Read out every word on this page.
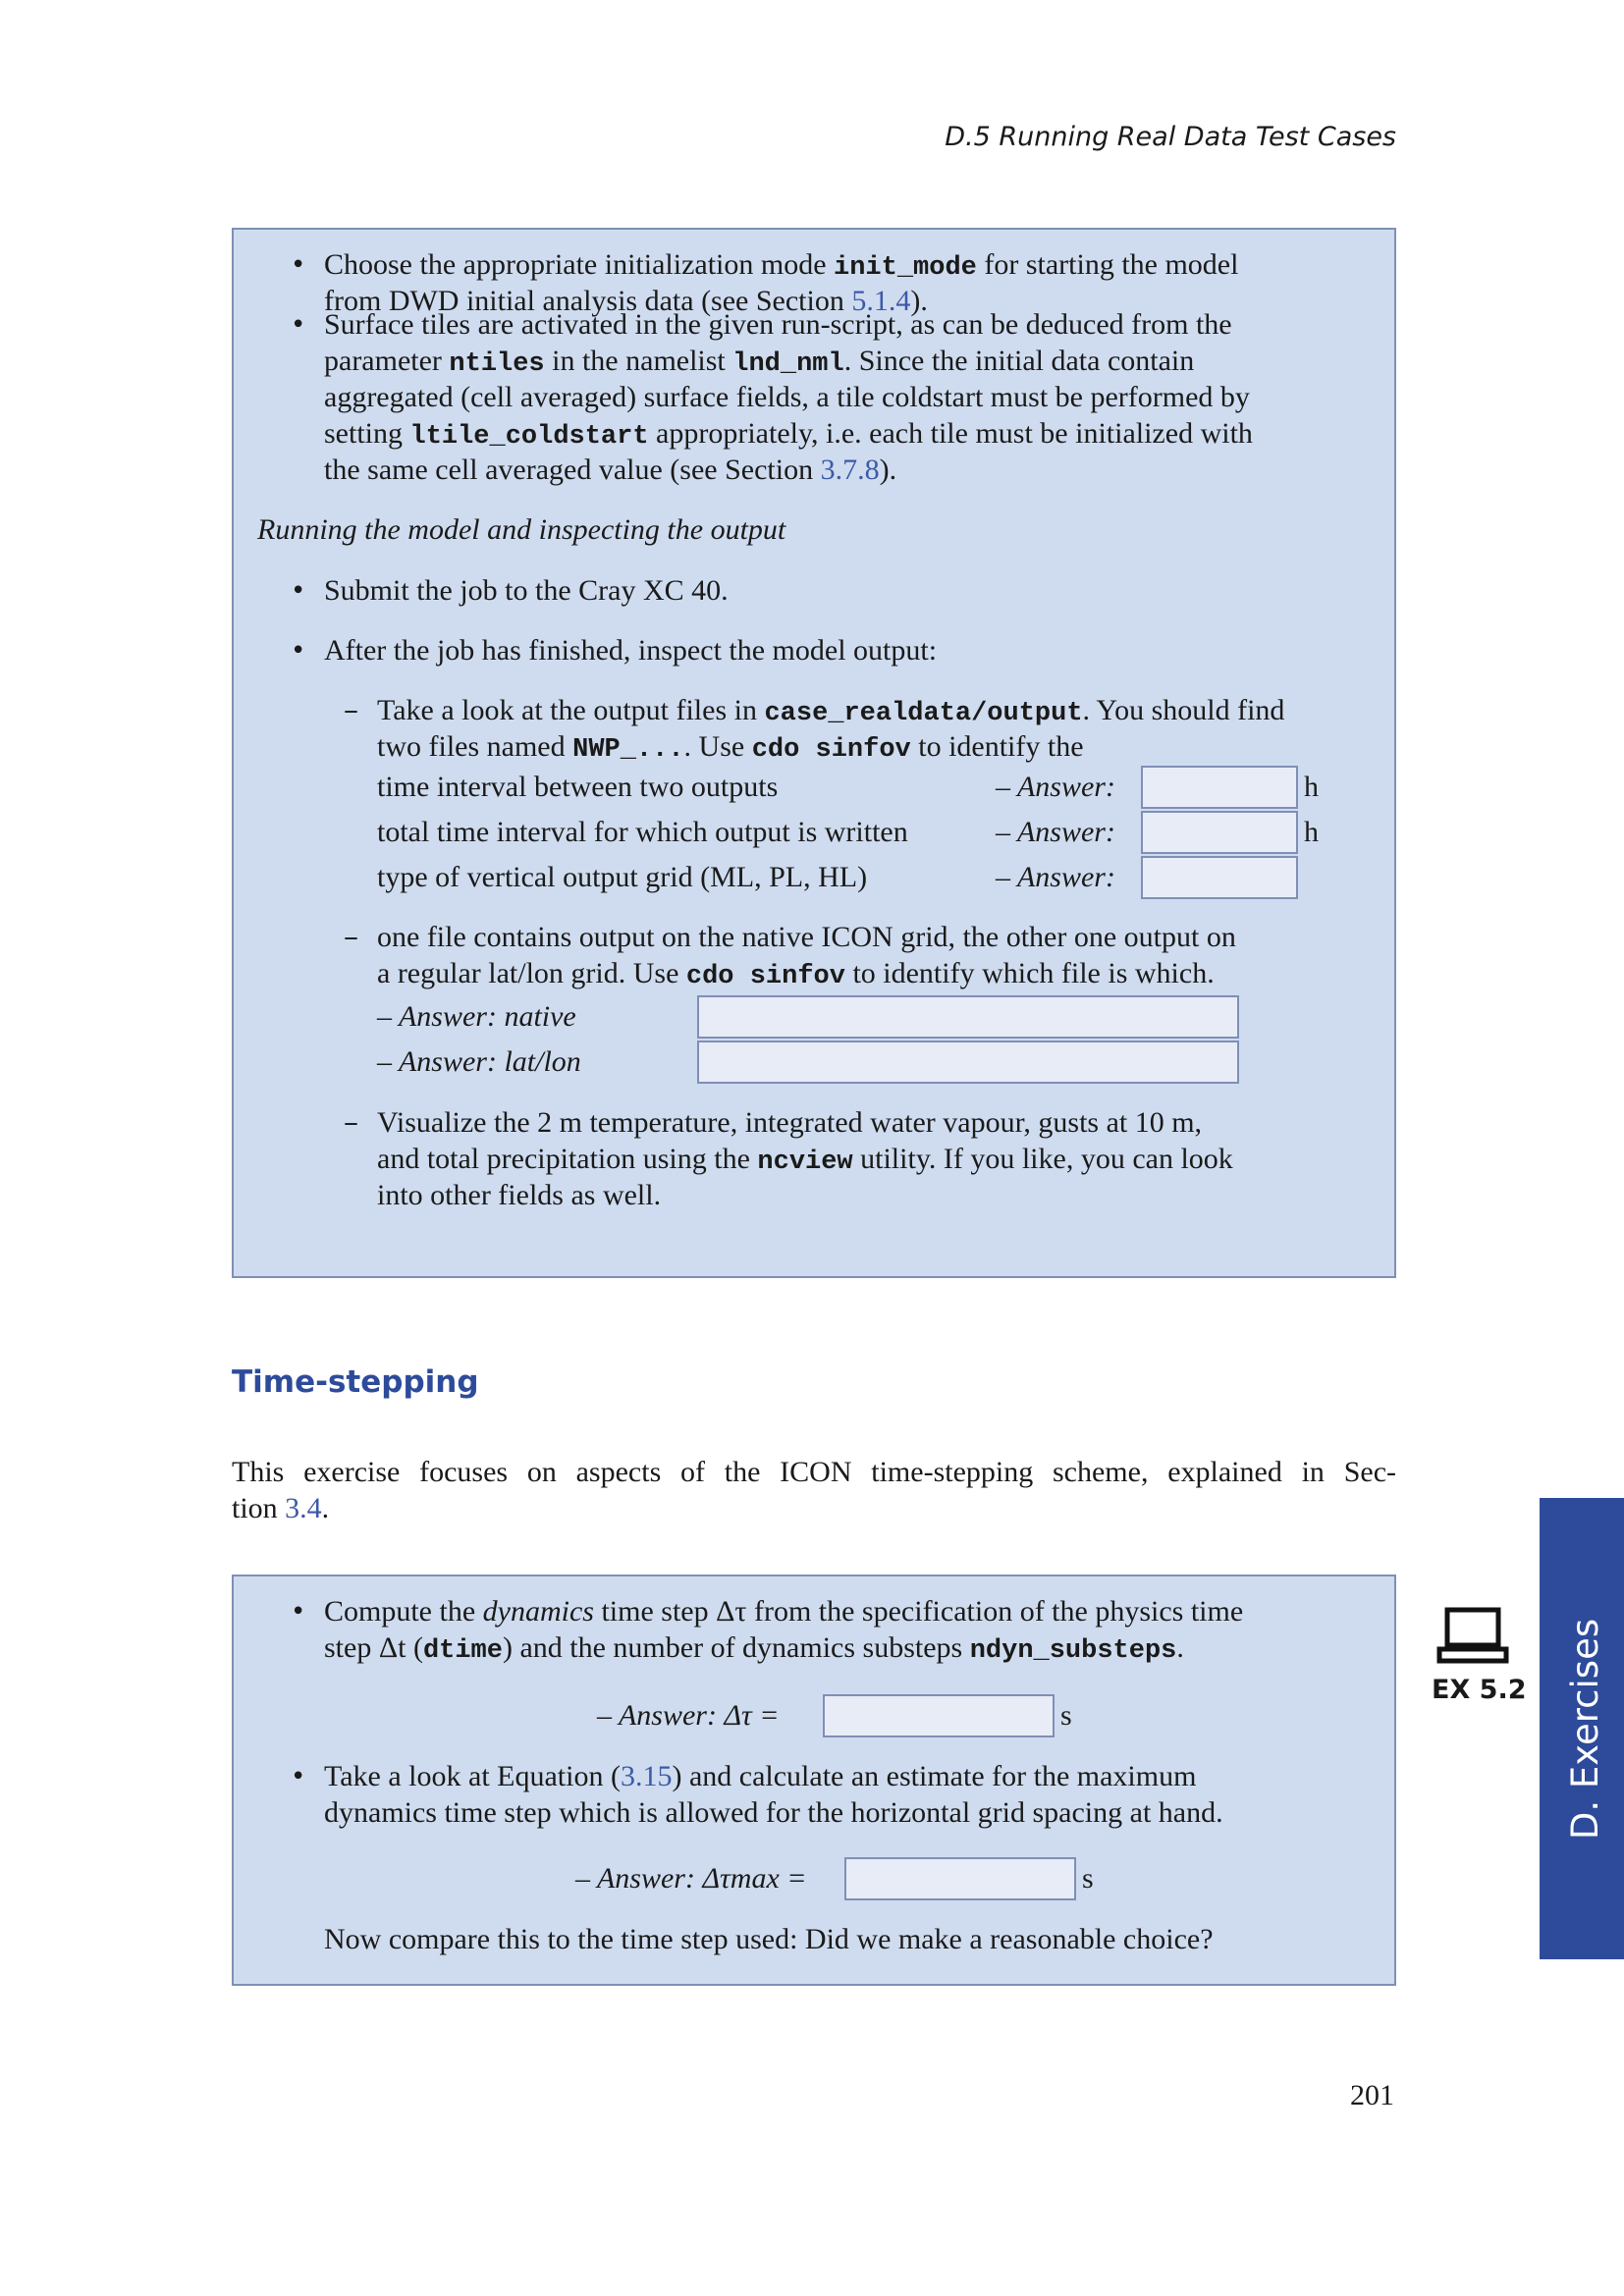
D.5 Running Real Data Test Cases
• Choose the appropriate initialization mode init_mode for starting the model
from DWD initial analysis data (see Section 5.1.4).
• Surface tiles are activated in the given run-script, as can be deduced from the
parameter ntiles in the namelist lnd_nml. Since the initial data contain
aggregated (cell averaged) surface fields, a tile coldstart must be performed by
setting ltile_coldstart appropriately, i.e. each tile must be initialized with
the same cell averaged value (see Section 3.7.8).
Running the model and inspecting the output
• Submit the job to the Cray XC 40.
• After the job has finished, inspect the model output:
– Take a look at the output files in case_realdata/output. You should find
two files named NWP_.... Use cdo sinfov to identify the
time interval between two outputs	– Answer:	h
total time interval for which output is written	– Answer:	h
type of vertical output grid (ML, PL, HL)	– Answer:
– one file contains output on the native ICON grid, the other one output on
a regular lat/lon grid. Use cdo sinfov to identify which file is which.
– Answer: native
– Answer: lat/lon
– Visualize the 2 m temperature, integrated water vapour, gusts at 10 m,
and total precipitation using the ncview utility. If you like, you can look
into other fields as well.
Time-stepping
This exercise focuses on aspects of the ICON time-stepping scheme, explained in Sec-
tion 3.4.
• Compute the dynamics time step Δτ from the specification of the physics time
step Δt (dtime) and the number of dynamics substeps ndyn_substeps.
– Answer: Δτ =	s
• Take a look at Equation (3.15) and calculate an estimate for the maximum
dynamics time step which is allowed for the horizontal grid spacing at hand.
– Answer: Δτmax =	s
Now compare this to the time step used: Did we make a reasonable choice?
EX 5.2 D. Exercises
201
